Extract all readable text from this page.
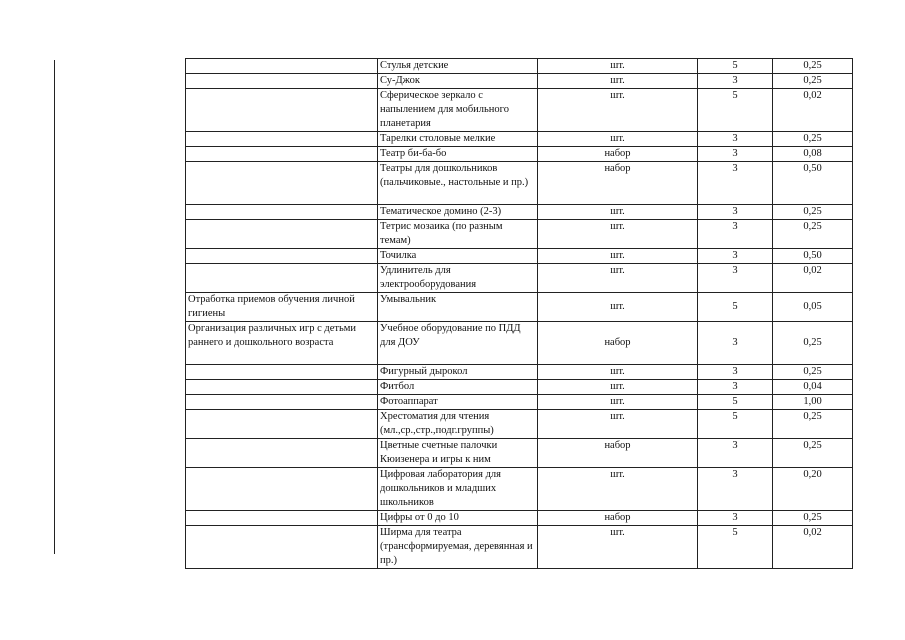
	Стулья детские	шт.	5	0,25
	Су-Джок	шт.	3	0,25
	Сферическое зеркало с напылением для мобильного планетария	шт.	5	0,02
	Тарелки столовые мелкие	шт.	3	0,25
	Театр би-ба-бо	набор	3	0,08
	Театры для дошкольников (пальчиковые., настольные и пр.)	набор	3	0,50
	Тематическое домино (2-3)	шт.	3	0,25
	Тетрис мозаика (по разным темам)	шт.	3	0,25
	Точилка	шт.	3	0,50
	Удлинитель для электрооборудования	шт.	3	0,02
Отработка приемов обучения личной гигиены	Умывальник	шт.	5	0,05
Организация различных игр с детьми раннего и дошкольного возраста	Учебное оборудование по ПДД для ДОУ	набор	3	0,25
	Фигурный дырокол	шт.	3	0,25
	Фитбол	шт.	3	0,04
	Фотоаппарат	шт.	5	1,00
	Хрестоматия для чтения (мл.,ср.,стр.,подг.группы)	шт.	5	0,25
	Цветные счетные палочки Кюизенера и игры к ним	набор	3	0,25
	Цифровая лаборатория для дошкольников и младших школьников	шт.	3	0,20
	Цифры от 0 до 10	набор	3	0,25
	Ширма для театра (трансформируемая, деревянная и пр.)	шт.	5	0,02
